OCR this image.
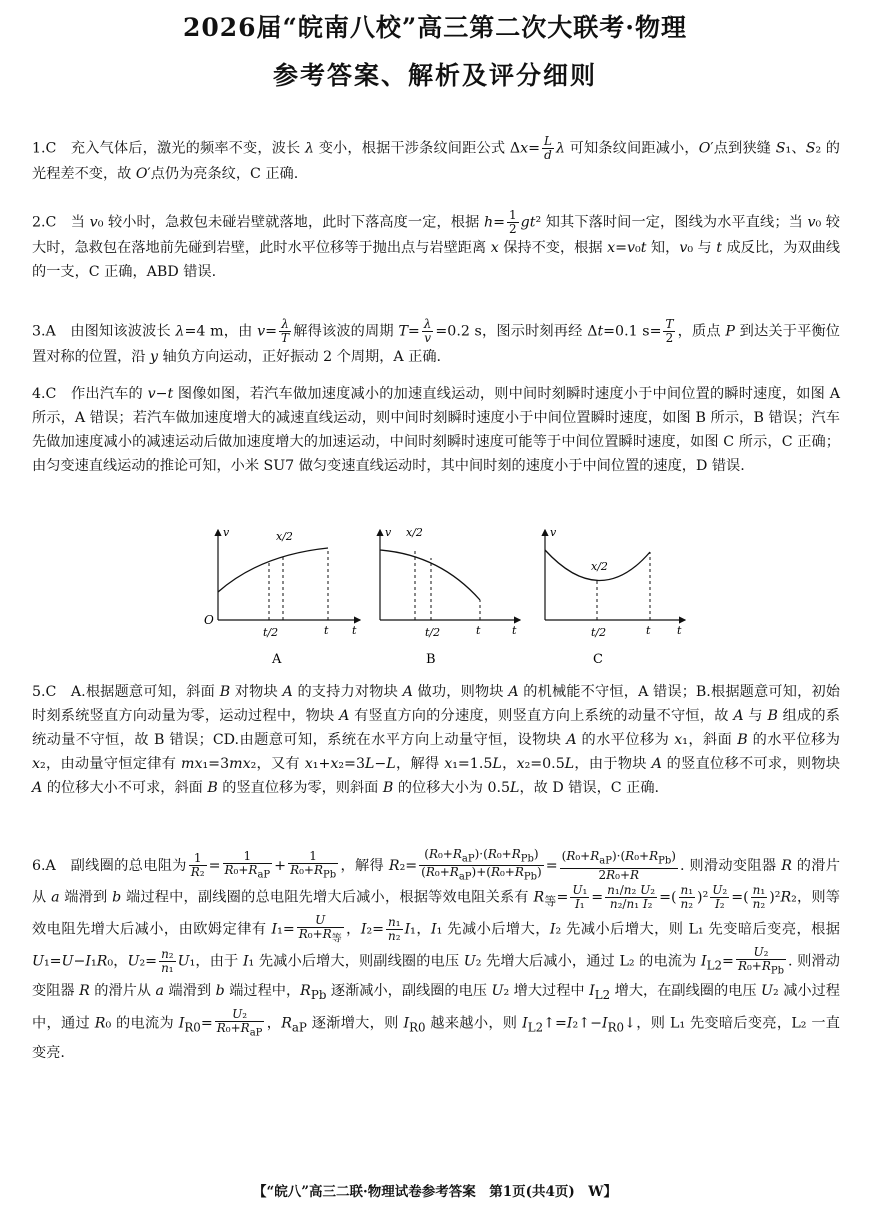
2026届“皖南八校”高三第二次大联考·物理
参考答案、解析及评分细则

1.C　充入气体后，激光的频率不变，波长 λ 变小，根据干涉条纹间距公式 $\Delta x= \frac{L}{d}$ λ 可知条纹间距减小，O′点到狭缝 S₁、S₂ 的光程差不变，故 O′点仍为亮条纹，C 正确.

2.C　当 v₀ 较小时，急救包未碰岩壁就落地，此时下落高度一定，根据 $h= \frac{1}{2} gt^2$ 知其下落时间一定，图线为水平直线；当 v₀ 较大时，急救包在落地前先碰到岩壁，此时水平位移等于抛出点与岩壁距离 x 保持不变，根据 x=v₀t 知，v₀ 与 t 成反比，为双曲线的一支，C 正确，ABD 错误.

3.A　由图知该波波长 λ=4 m，由 $v= \frac{\lambda}{T}$ 解得该波的周期 $T= \frac{\lambda}{v} =0.2$ s，图示时刻再经 Δt=0.1 $s= \frac{T}{2}$ ，质点 P 到达关于平衡位置对称的位置，沿 y 轴负方向运动，正好振动 2 个周期，A 正确.

4.C　作出汽车的 v−t 图像如图，若汽车做加速度减小的加速直线运动，则中间时刻瞬时速度小于中间位置的瞬时速度，如图 A 所示，A 错误；若汽车做加速度增大的减速直线运动，则中间时刻瞬时速度小于中间位置瞬时速度，如图 B 所示，B 错误；汽车先做加速度减小的减速运动后做加速度增大的加速运动，中间时刻瞬时速度可能等于中间位置瞬时速度，如图 C 所示，C 正确；由匀变速直线运动的推论可知，小米 SU7 做匀变速直线运动时，其中间时刻的速度小于中间位置的速度，D 错误.

O
v
t
t
t/2
x/2
A
v
t
t
t/2
x/2
B
v
t
t
t/2
x/2
C

5.C　A.根据题意可知，斜面 B 对物块 A 的支持力对物块 A 做功，则物块 A 的机械能不守恒，A 错误；B.根据题意可知，初始时刻系统竖直方向动量为零，运动过程中，物块 A 有竖直方向的分速度，则竖直方向上系统的动量不守恒，故 A 与 B 组成的系统动量不守恒，故 B 错误；CD.由题意可知，系统在水平方向上动量守恒，设物块 A 的水平位移为 x₁，斜面 B 的水平位移为 x₂，由动量守恒定律有 mx₁=3mx₂，又有 x₁+x₂=3L−L，解得 x₁=1.5L，x₂=0.5L，由于物块 A 的竖直位移不可求，则物块 A 的位移大小不可求，斜面 B 的竖直位移为零，则斜面 B 的位移大小为 0.5L，故 D 错误，C 正确.

6.A　副线圈的总电阻为 $\frac{1}{\text{R₂}} = \frac{1}{R_0+R_{aP}} + \frac{1}{R_0+R_{Pb}}$ ，解得 $R_2= \frac{(R_0+R_{aP})\cdot(R_0+R_{Pb})}{(R_0+R_{aP})+(R_0+R_{Pb})} = \frac{(R_0+R_{aP})\cdot(R_0+R_{Pb})}{\text{2R₀+R}}$ . 则滑动变阻器 R 的滑片从 a 端滑到 b 端过程中，副线圈的总电阻先增大后减小，根据等效电阻关系有 $R_等= \frac{\text{U₁}}{\text{I₁}} = \frac{\text{n₁/n₂ U₂}}{\text{n₂/n₁ I₂}}$ =( $\frac{\text{n₁}}{\text{n₂}} )^2 \frac{\text{U₂}}{\text{I₂}}$ =( $\frac{\text{n₁}}{\text{n₂}} )^2R_2$，则等效电阻先增大后减小，由欧姆定律有 $I_1= \frac{U}{R_0+R_等}$ ，$I_2= \frac{\text{n₁}}{\text{n₂}} I_1$，I₁ 先减小后增大，I₂ 先减小后增大，则 L₁ 先变暗后变亮，根据 U₁=U−I₁R₀，$U_2= \frac{\text{n₂}}{\text{n₁}} U_1$，由于 I₁ 先减小后增大，则副线圈的电压 U₂ 先增大后减小，通过 L₂ 的电流为 $I_{L2}= \frac{\text{U₂}}{R_0+R_{Pb}}$ . 则滑动变阻器 R 的滑片从 a 端滑到 b 端过程中，$R_{Pb}$ 逐渐减小，副线圈的电压 U₂ 增大过程中 $I_{L2}$ 增大，在副线圈的电压 U₂ 减小过程中，通过 R₀ 的电流为 $I_{R0}= \frac{\text{U₂}}{R_0+R_{aP}}$ ，$R_{aP}$ 逐渐增大，则 $I_{R0}$ 越来越小，则 $I_{L2}↑=I_2↑-I_{R0}↓$，则 L₁ 先变暗后变亮，L₂ 一直变亮.

【“皖八”高三二联·物理试卷参考答案　第1页(共4页)　W】
